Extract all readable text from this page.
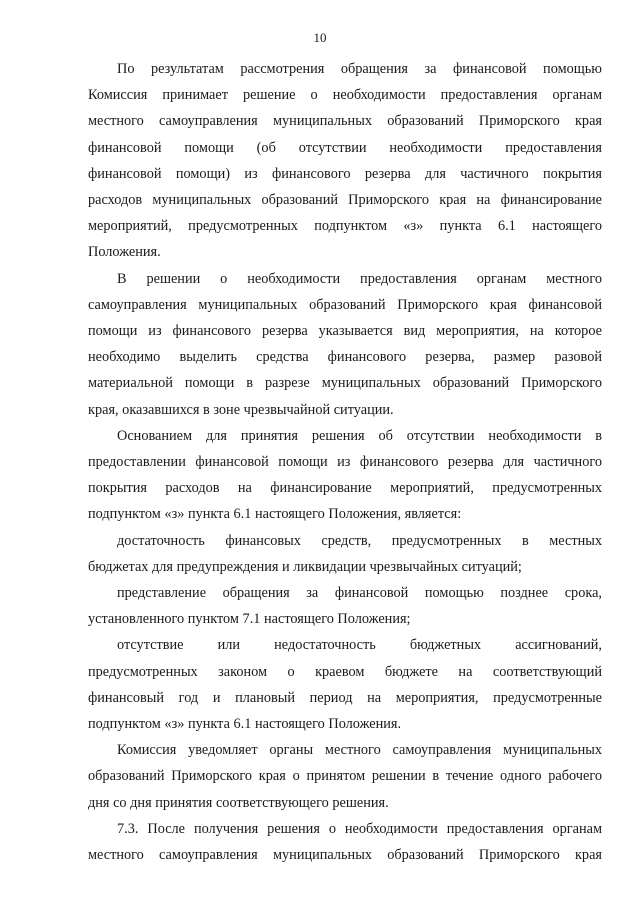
10
По результатам рассмотрения обращения за финансовой помощью
Комиссия принимает решение о необходимости предоставления органам
местного самоуправления муниципальных образований Приморского края
финансовой помощи (об отсутствии необходимости предоставления
финансовой помощи) из финансового резерва для частичного покрытия
расходов муниципальных образований Приморского края на финансирование
мероприятий, предусмотренных подпунктом «з» пункта 6.1 настоящего
Положения.
В решении о необходимости предоставления органам местного
самоуправления муниципальных образований Приморского края финансовой
помощи из финансового резерва указывается вид мероприятия, на которое
необходимо выделить средства финансового резерва, размер разовой
материальной помощи в разрезе муниципальных образований Приморского
края, оказавшихся в зоне чрезвычайной ситуации.
Основанием для принятия решения об отсутствии необходимости в
предоставлении финансовой помощи из финансового резерва для частичного
покрытия расходов на финансирование мероприятий, предусмотренных
подпунктом «з» пункта 6.1 настоящего Положения, является:
достаточность финансовых средств, предусмотренных в местных
бюджетах для предупреждения и ликвидации чрезвычайных ситуаций;
представление обращения за финансовой помощью позднее срока,
установленного пунктом 7.1 настоящего Положения;
отсутствие или недостаточность бюджетных ассигнований,
предусмотренных законом о краевом бюджете на соответствующий
финансовый год и плановый период на мероприятия, предусмотренные
подпунктом «з» пункта 6.1 настоящего Положения.
Комиссия уведомляет органы местного самоуправления муниципальных
образований Приморского края о принятом решении в течение одного рабочего
дня со дня принятия соответствующего решения.
7.3. После получения решения о необходимости предоставления органам
местного самоуправления муниципальных образований Приморского края
